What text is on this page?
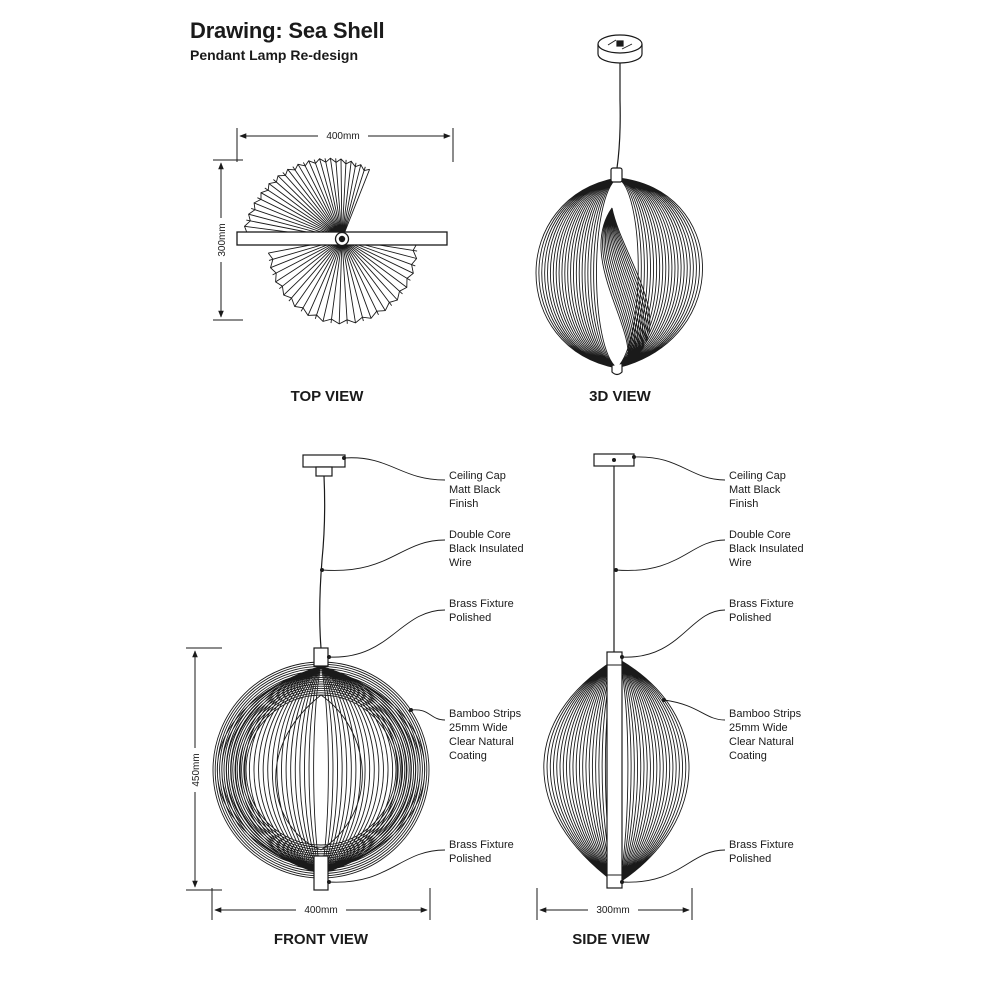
Drawing: Sea Shell
Pendant Lamp Re-design
400mm
300mm
TOP VIEW	3D VIEW
450mm
400mm
FRONT VIEW
Ceiling Cap Matt Black Finish
Double Core Black Insulated Wire
Brass Fixture Polished
Bamboo Strips 25mm Wide Clear Natural Coating
Brass Fixture Polished
300mm
SIDE VIEW
Ceiling Cap Matt Black Finish
Double Core Black Insulated Wire
Brass Fixture Polished
Bamboo Strips 25mm Wide Clear Natural Coating
Brass Fixture Polished
